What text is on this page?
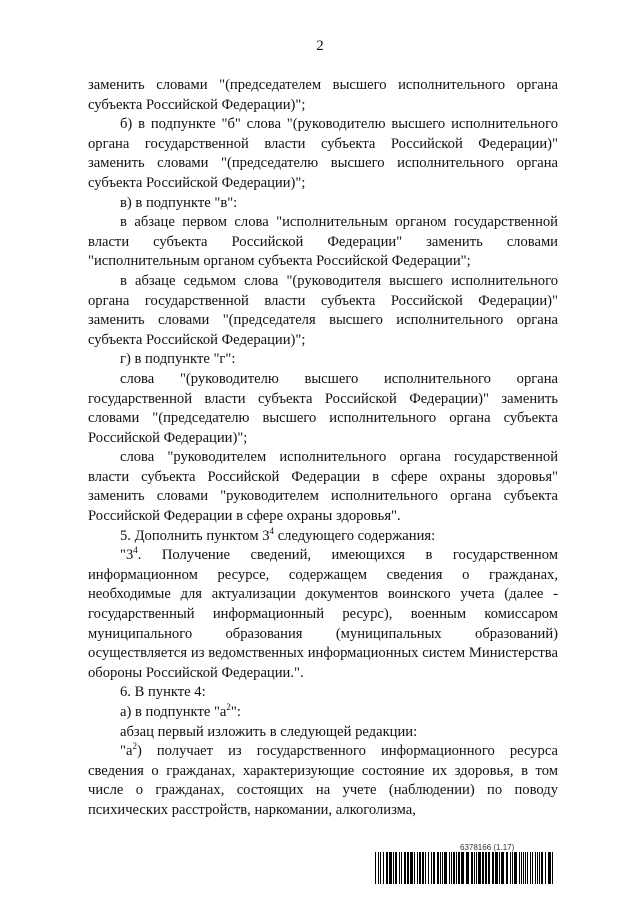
2

заменить словами "(председателем высшего исполнительного органа субъекта Российской Федерации)";

б) в подпункте "б" слова "(руководителю высшего исполнительного органа государственной власти субъекта Российской Федерации)" заменить словами "(председателю высшего исполнительного органа субъекта Российской Федерации)";

в) в подпункте "в":

в абзаце первом слова "исполнительным органом государственной власти субъекта Российской Федерации" заменить словами "исполнительным органом субъекта Российской Федерации";

в абзаце седьмом слова "(руководителя высшего исполнительного органа государственной власти субъекта Российской Федерации)" заменить словами "(председателя высшего исполнительного органа субъекта Российской Федерации)";

г) в подпункте "г":

слова "(руководителю высшего исполнительного органа государственной власти субъекта Российской Федерации)" заменить словами "(председателю высшего исполнительного органа субъекта Российской Федерации)";

слова "руководителем исполнительного органа государственной власти субъекта Российской Федерации в сфере охраны здоровья" заменить словами "руководителем исполнительного органа субъекта Российской Федерации в сфере охраны здоровья".

5. Дополнить пунктом $3^4$ следующего содержания:

"$3^4$. Получение сведений, имеющихся в государственном информационном ресурсе, содержащем сведения о гражданах, необходимые для актуализации документов воинского учета (далее - государственный информационный ресурс), военным комиссаром муниципального образования (муниципальных образований) осуществляется из ведомственных информационных систем Министерства обороны Российской Федерации.".

6. В пункте 4:

а) в подпункте "$а^2$":

абзац первый изложить в следующей редакции:

"$а^2$) получает из государственного информационного ресурса сведения о гражданах, характеризующие состояние их здоровья, в том числе о гражданах, состоящих на учете (наблюдении) по поводу психических расстройств, наркомании, алкоголизма,

6378166 (1.17)
